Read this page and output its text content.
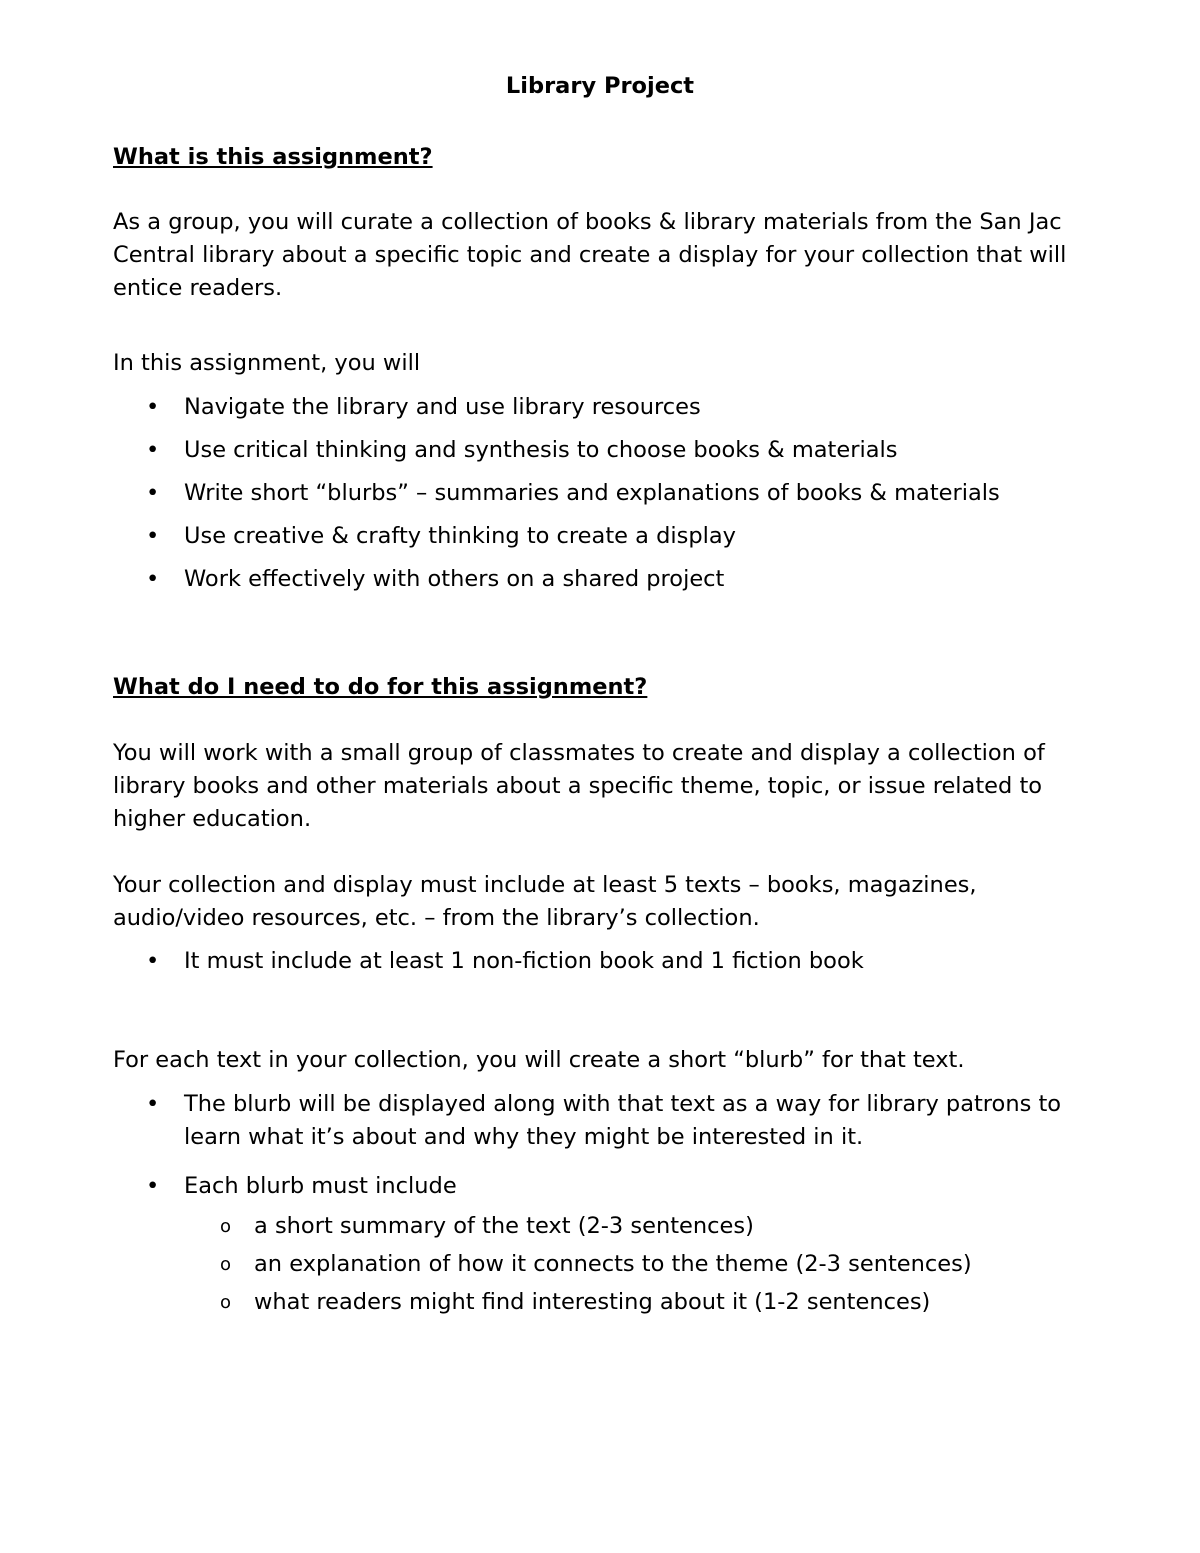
Library Project
What is this assignment?

As a group, you will curate a collection of books & library materials from the San Jac Central library about a specific topic and create a display for your collection that will entice readers.

In this assignment, you will

• Navigate the library and use library resources
• Use critical thinking and synthesis to choose books & materials
• Write short “blurbs” – summaries and explanations of books & materials
• Use creative & crafty thinking to create a display
• Work effectively with others on a shared project
What do I need to do for this assignment?

You will work with a small group of classmates to create and display a collection of library books and other materials about a specific theme, topic, or issue related to higher education.

Your collection and display must include at least 5 texts – books, magazines, audio/video resources, etc. – from the library’s collection.

• It must include at least 1 non-fiction book and 1 fiction book

For each text in your collection, you will create a short “blurb” for that text.

• The blurb will be displayed along with that text as a way for library patrons to learn what it’s about and why they might be interested in it.
• Each blurb must include
o a short summary of the text (2-3 sentences)
o an explanation of how it connects to the theme (2-3 sentences)
o what readers might find interesting about it (1-2 sentences)
